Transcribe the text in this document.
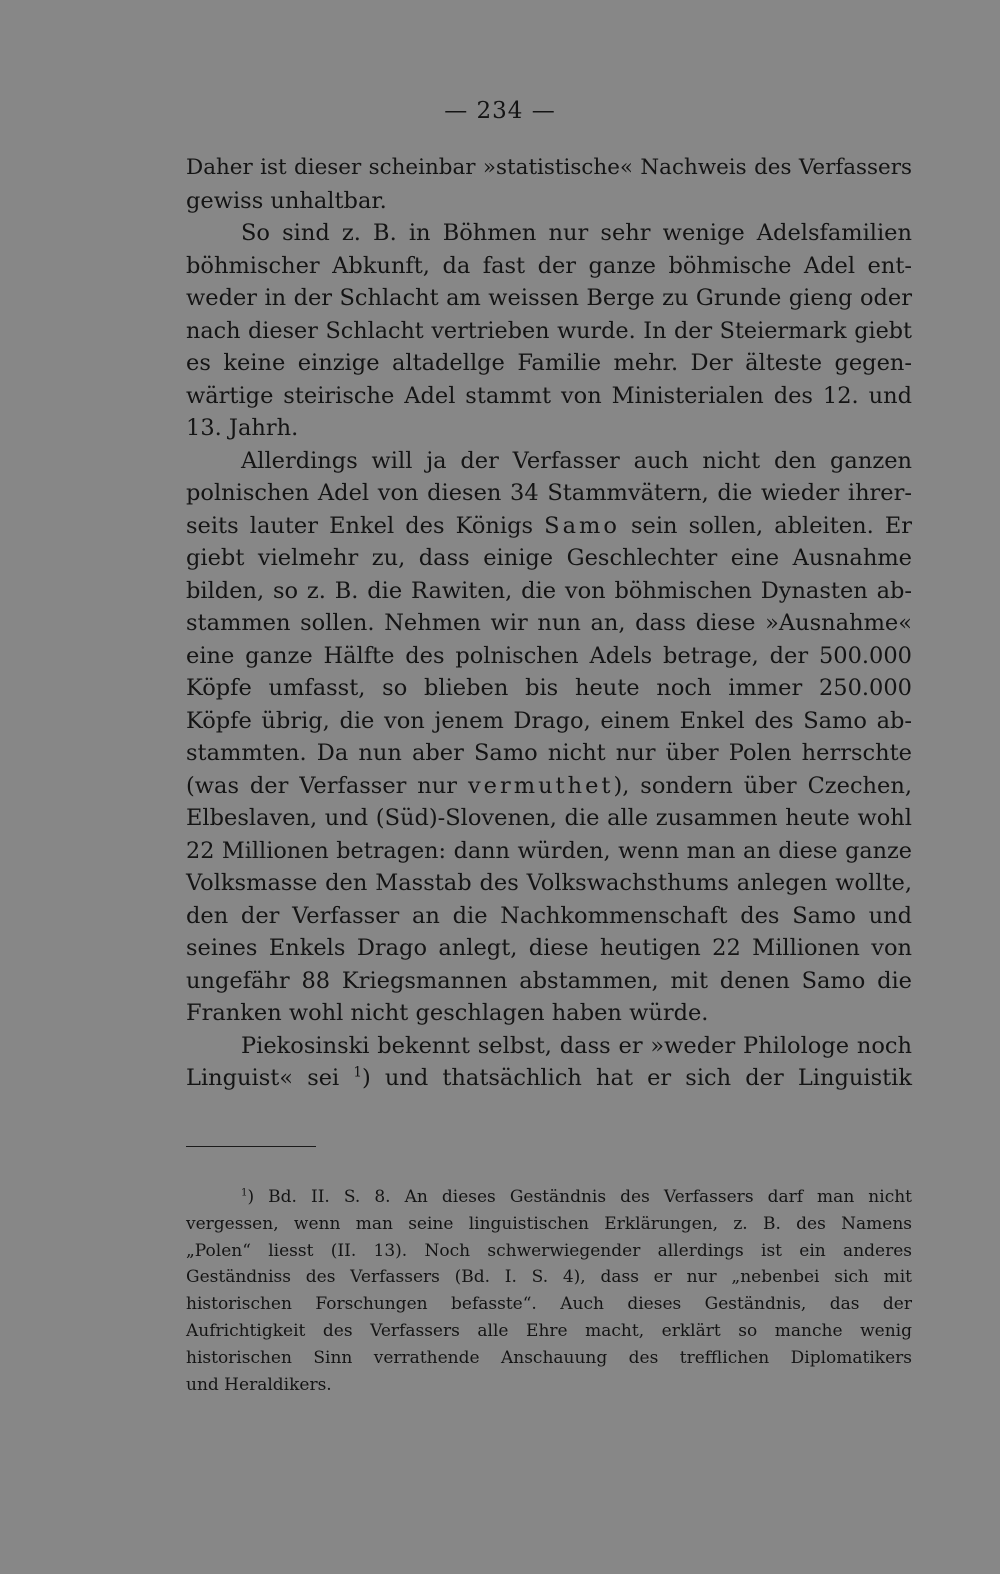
— 234 —
Daher ist dieser scheinbar »statistische« Nachweis des Verfassers
gewiss unhaltbar.
So sind z. B. in Böhmen nur sehr wenige Adelsfamilien
böhmischer Abkunft, da fast der ganze böhmische Adel ent-
weder in der Schlacht am weissen Berge zu Grunde gieng oder
nach dieser Schlacht vertrieben wurde. In der Steiermark giebt
es keine einzige altadellge Familie mehr. Der älteste gegen-
wärtige steirische Adel stammt von Ministerialen des 12. und
13. Jahrh.
Allerdings will ja der Verfasser auch nicht den ganzen
polnischen Adel von diesen 34 Stammvätern, die wieder ihrer-
seits lauter Enkel des Königs Samo sein sollen, ableiten. Er
giebt vielmehr zu, dass einige Geschlechter eine Ausnahme
bilden, so z. B. die Rawiten, die von böhmischen Dynasten ab-
stammen sollen. Nehmen wir nun an, dass diese »Ausnahme«
eine ganze Hälfte des polnischen Adels betrage, der 500.000
Köpfe umfasst, so blieben bis heute noch immer 250.000
Köpfe übrig, die von jenem Drago, einem Enkel des Samo ab-
stammten. Da nun aber Samo nicht nur über Polen herrschte
(was der Verfasser nur vermuthet), sondern über Czechen,
Elbeslaven, und (Süd)-Slovenen, die alle zusammen heute wohl
22 Millionen betragen: dann würden, wenn man an diese ganze
Volksmasse den Masstab des Volkswachsthums anlegen wollte,
den der Verfasser an die Nachkommenschaft des Samo und
seines Enkels Drago anlegt, diese heutigen 22 Millionen von
ungefähr 88 Kriegsmannen abstammen, mit denen Samo die
Franken wohl nicht geschlagen haben würde.
Piekosinski bekennt selbst, dass er »weder Philologe noch
Linguist« sei $^1$) und thatsächlich hat er sich der Linguistik
$^1$) Bd. II. S. 8. An dieses Geständnis des Verfassers darf man nicht
vergessen, wenn man seine linguistischen Erklärungen, z. B. des Namens
„Polen“ liesst (II. 13). Noch schwerwiegender allerdings ist ein anderes
Geständniss des Verfassers (Bd. I. S. 4), dass er nur „nebenbei sich mit
historischen Forschungen befasste“. Auch dieses Geständnis, das der
Aufrichtigkeit des Verfassers alle Ehre macht, erklärt so manche wenig
historischen Sinn verrathende Anschauung des trefflichen Diplomatikers
und Heraldikers.
